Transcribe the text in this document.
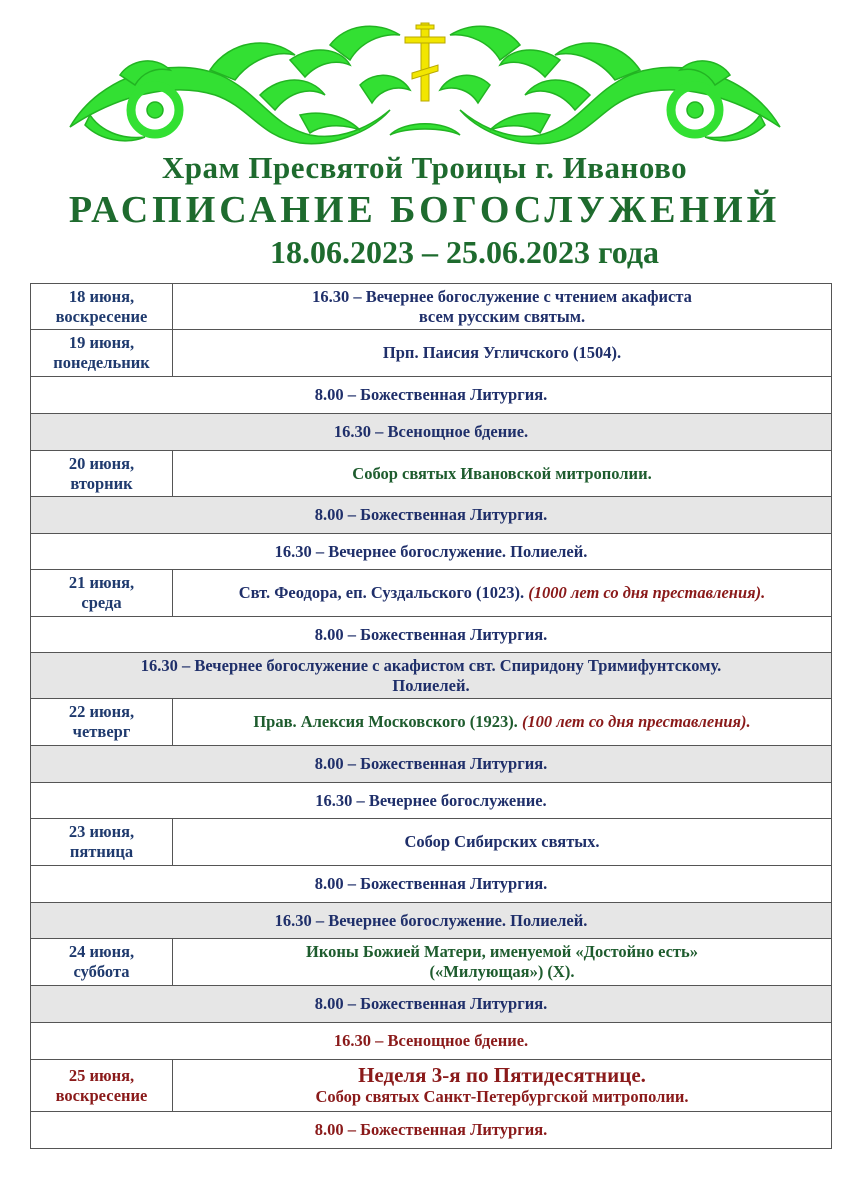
Храм Пресвятой Троицы г. Иваново
РАСПИСАНИЕ БОГОСЛУЖЕНИЙ
18.06.2023 – 25.06.2023 года
18 июня,
воскресение	16.30 – Вечернее богослужение с чтением акафиста
всем русским святым.
19 июня,
понедельник	Прп. Паисия Угличского (1504).
8.00 – Божественная Литургия.	
16.30 – Всенощное бдение.	
20 июня,
вторник	Собор святых Ивановской митрополии.
8.00 – Божественная Литургия.	
16.30 – Вечернее богослужение. Полиелей.	
21 июня,
среда	Свт. Феодора, еп. Суздальского (1023). (1000 лет со дня преставления).
8.00 – Божественная Литургия.	
16.30 – Вечернее богослужение с акафистом свт. Спиридону Тримифунтскому.
Полиелей.	
22 июня,
четверг	Прав. Алексия Московского (1923). (100 лет со дня преставления).
8.00 – Божественная Литургия.	
16.30 – Вечернее богослужение.	
23 июня,
пятница	Собор Сибирских святых.
8.00 – Божественная Литургия.	
16.30 – Вечернее богослужение. Полиелей.	
24 июня,
суббота	Иконы Божией Матери, именуемой «Достойно есть»
(«Милующая») (Х).
8.00 – Божественная Литургия.	
16.30 – Всенощное бдение.	
25 июня,
воскресение	Неделя 3-я по Пятидесятнице.
Собор святых Санкт-Петербургской митрополии.
8.00 – Божественная Литургия.	
